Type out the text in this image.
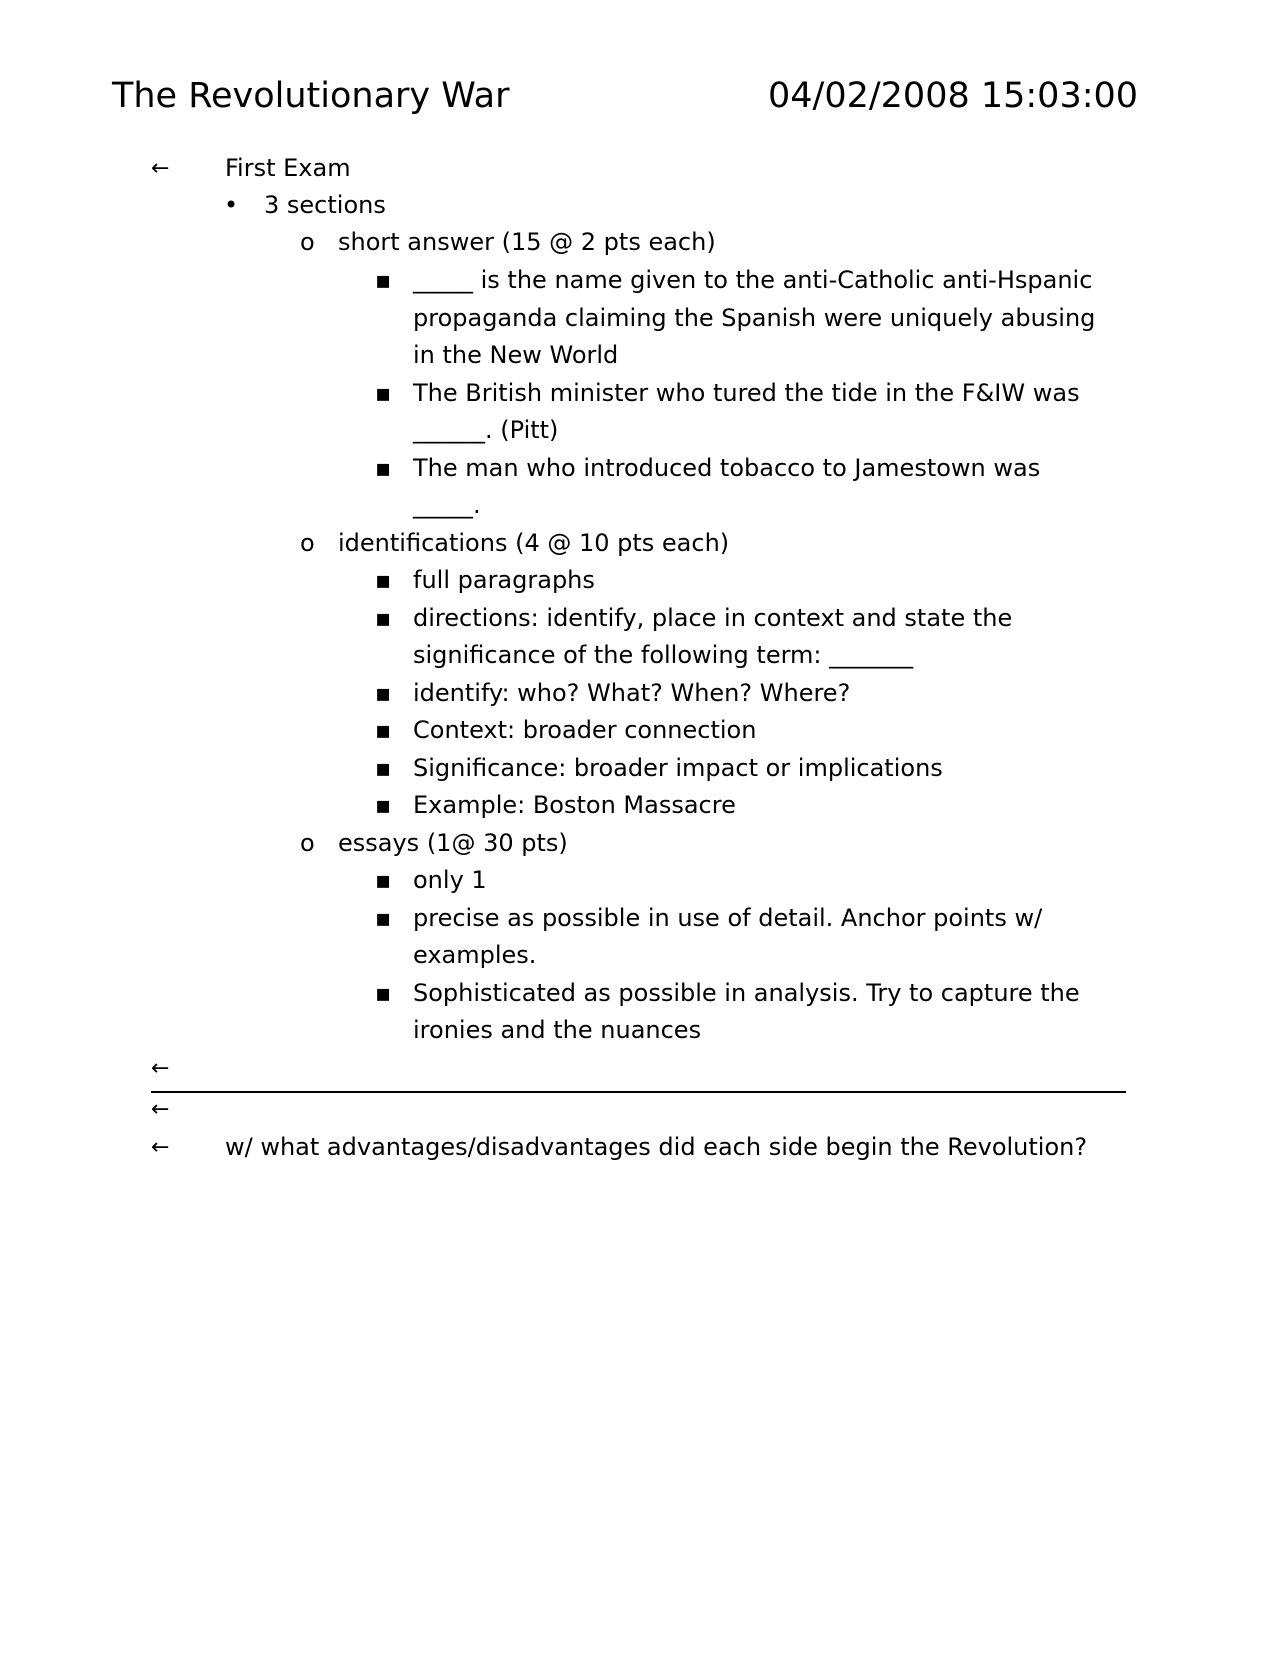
The Revolutionary War	04/02/2008 15:03:00
← First Exam
• 3 sections
o short answer (15 @ 2 pts each)
▪ _____ is the name given to the anti-Catholic anti-Hspanic
propaganda claiming the Spanish were uniquely abusing
in the New World
▪ The British minister who tured the tide in the F&IW was
______. (Pitt)
▪ The man who introduced tobacco to Jamestown was
_____.
o identifications (4 @ 10 pts each)
▪ full paragraphs
▪ directions: identify, place in context and state the
significance of the following term: _______
▪ identify: who? What? When? Where?
▪ Context: broader connection
▪ Significance: broader impact or implications
▪ Example: Boston Massacre
o essays (1@ 30 pts)
▪ only 1
▪ precise as possible in use of detail. Anchor points w/
examples.
▪ Sophisticated as possible in analysis. Try to capture the
ironies and the nuances
←
←
← w/ what advantages/disadvantages did each side begin the Revolution?
